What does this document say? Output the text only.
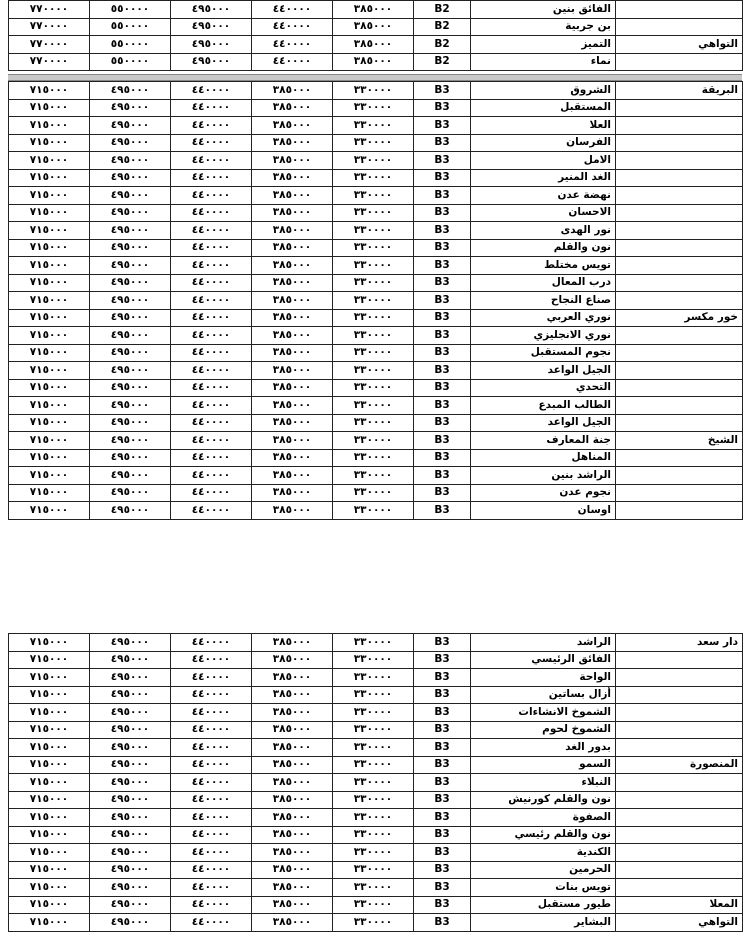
٧٧٠٠٠٠	٥٥٠٠٠٠	٤٩٥٠٠٠	٤٤٠٠٠٠	٣٨٥٠٠٠	B2	الفائق بنين	
٧٧٠٠٠٠	٥٥٠٠٠٠	٤٩٥٠٠٠	٤٤٠٠٠٠	٣٨٥٠٠٠	B2	بن جربية	
٧٧٠٠٠٠	٥٥٠٠٠٠	٤٩٥٠٠٠	٤٤٠٠٠٠	٣٨٥٠٠٠	B2	التميز	التواهي
٧٧٠٠٠٠	٥٥٠٠٠٠	٤٩٥٠٠٠	٤٤٠٠٠٠	٣٨٥٠٠٠	B2	نماء	
٧١٥٠٠٠	٤٩٥٠٠٠	٤٤٠٠٠٠	٣٨٥٠٠٠	٣٣٠٠٠٠	B3	الشروق	البريقة
٧١٥٠٠٠	٤٩٥٠٠٠	٤٤٠٠٠٠	٣٨٥٠٠٠	٣٣٠٠٠٠	B3	المستقبل	
٧١٥٠٠٠	٤٩٥٠٠٠	٤٤٠٠٠٠	٣٨٥٠٠٠	٣٣٠٠٠٠	B3	العلا	
٧١٥٠٠٠	٤٩٥٠٠٠	٤٤٠٠٠٠	٣٨٥٠٠٠	٣٣٠٠٠٠	B3	الفرسان	
٧١٥٠٠٠	٤٩٥٠٠٠	٤٤٠٠٠٠	٣٨٥٠٠٠	٣٣٠٠٠٠	B3	الامل	
٧١٥٠٠٠	٤٩٥٠٠٠	٤٤٠٠٠٠	٣٨٥٠٠٠	٣٣٠٠٠٠	B3	الغد المنير	
٧١٥٠٠٠	٤٩٥٠٠٠	٤٤٠٠٠٠	٣٨٥٠٠٠	٣٣٠٠٠٠	B3	نهضة عدن	
٧١٥٠٠٠	٤٩٥٠٠٠	٤٤٠٠٠٠	٣٨٥٠٠٠	٣٣٠٠٠٠	B3	الاحسان	
٧١٥٠٠٠	٤٩٥٠٠٠	٤٤٠٠٠٠	٣٨٥٠٠٠	٣٣٠٠٠٠	B3	نور الهدى	
٧١٥٠٠٠	٤٩٥٠٠٠	٤٤٠٠٠٠	٣٨٥٠٠٠	٣٣٠٠٠٠	B3	نون والقلم	
٧١٥٠٠٠	٤٩٥٠٠٠	٤٤٠٠٠٠	٣٨٥٠٠٠	٣٣٠٠٠٠	B3	تويس مختلط	
٧١٥٠٠٠	٤٩٥٠٠٠	٤٤٠٠٠٠	٣٨٥٠٠٠	٣٣٠٠٠٠	B3	درب المعال	
٧١٥٠٠٠	٤٩٥٠٠٠	٤٤٠٠٠٠	٣٨٥٠٠٠	٣٣٠٠٠٠	B3	صناع النجاح	
٧١٥٠٠٠	٤٩٥٠٠٠	٤٤٠٠٠٠	٣٨٥٠٠٠	٣٣٠٠٠٠	B3	نوري العربي	خور مكسر
٧١٥٠٠٠	٤٩٥٠٠٠	٤٤٠٠٠٠	٣٨٥٠٠٠	٣٣٠٠٠٠	B3	نوري الانجليزي	
٧١٥٠٠٠	٤٩٥٠٠٠	٤٤٠٠٠٠	٣٨٥٠٠٠	٣٣٠٠٠٠	B3	نجوم المستقبل	
٧١٥٠٠٠	٤٩٥٠٠٠	٤٤٠٠٠٠	٣٨٥٠٠٠	٣٣٠٠٠٠	B3	الجيل الواعد	
٧١٥٠٠٠	٤٩٥٠٠٠	٤٤٠٠٠٠	٣٨٥٠٠٠	٣٣٠٠٠٠	B3	التحدي	
٧١٥٠٠٠	٤٩٥٠٠٠	٤٤٠٠٠٠	٣٨٥٠٠٠	٣٣٠٠٠٠	B3	الطالب المبدع	
٧١٥٠٠٠	٤٩٥٠٠٠	٤٤٠٠٠٠	٣٨٥٠٠٠	٣٣٠٠٠٠	B3	الجيل الواعد	
٧١٥٠٠٠	٤٩٥٠٠٠	٤٤٠٠٠٠	٣٨٥٠٠٠	٣٣٠٠٠٠	B3	جنة المعارف	الشيخ
٧١٥٠٠٠	٤٩٥٠٠٠	٤٤٠٠٠٠	٣٨٥٠٠٠	٣٣٠٠٠٠	B3	المناهل	
٧١٥٠٠٠	٤٩٥٠٠٠	٤٤٠٠٠٠	٣٨٥٠٠٠	٣٣٠٠٠٠	B3	الراشد بنين	
٧١٥٠٠٠	٤٩٥٠٠٠	٤٤٠٠٠٠	٣٨٥٠٠٠	٣٣٠٠٠٠	B3	نجوم عدن	
٧١٥٠٠٠	٤٩٥٠٠٠	٤٤٠٠٠٠	٣٨٥٠٠٠	٣٣٠٠٠٠	B3	اوسان	
٧١٥٠٠٠	٤٩٥٠٠٠	٤٤٠٠٠٠	٣٨٥٠٠٠	٣٣٠٠٠٠	B3	الراشد	دار سعد
٧١٥٠٠٠	٤٩٥٠٠٠	٤٤٠٠٠٠	٣٨٥٠٠٠	٣٣٠٠٠٠	B3	الفائق الرئيسي	
٧١٥٠٠٠	٤٩٥٠٠٠	٤٤٠٠٠٠	٣٨٥٠٠٠	٣٣٠٠٠٠	B3	الواحة	
٧١٥٠٠٠	٤٩٥٠٠٠	٤٤٠٠٠٠	٣٨٥٠٠٠	٣٣٠٠٠٠	B3	أزال بساتين	
٧١٥٠٠٠	٤٩٥٠٠٠	٤٤٠٠٠٠	٣٨٥٠٠٠	٣٣٠٠٠٠	B3	الشموخ الانشاءات	
٧١٥٠٠٠	٤٩٥٠٠٠	٤٤٠٠٠٠	٣٨٥٠٠٠	٣٣٠٠٠٠	B3	الشموخ لحوم	
٧١٥٠٠٠	٤٩٥٠٠٠	٤٤٠٠٠٠	٣٨٥٠٠٠	٣٣٠٠٠٠	B3	بدور الغد	
٧١٥٠٠٠	٤٩٥٠٠٠	٤٤٠٠٠٠	٣٨٥٠٠٠	٣٣٠٠٠٠	B3	السمو	المنصورة
٧١٥٠٠٠	٤٩٥٠٠٠	٤٤٠٠٠٠	٣٨٥٠٠٠	٣٣٠٠٠٠	B3	النبلاء	
٧١٥٠٠٠	٤٩٥٠٠٠	٤٤٠٠٠٠	٣٨٥٠٠٠	٣٣٠٠٠٠	B3	نون والقلم كورنيش	
٧١٥٠٠٠	٤٩٥٠٠٠	٤٤٠٠٠٠	٣٨٥٠٠٠	٣٣٠٠٠٠	B3	الصفوة	
٧١٥٠٠٠	٤٩٥٠٠٠	٤٤٠٠٠٠	٣٨٥٠٠٠	٣٣٠٠٠٠	B3	نون والقلم رئيسي	
٧١٥٠٠٠	٤٩٥٠٠٠	٤٤٠٠٠٠	٣٨٥٠٠٠	٣٣٠٠٠٠	B3	الكندية	
٧١٥٠٠٠	٤٩٥٠٠٠	٤٤٠٠٠٠	٣٨٥٠٠٠	٣٣٠٠٠٠	B3	الحرمين	
٧١٥٠٠٠	٤٩٥٠٠٠	٤٤٠٠٠٠	٣٨٥٠٠٠	٣٣٠٠٠٠	B3	تويس بنات	
٧١٥٠٠٠	٤٩٥٠٠٠	٤٤٠٠٠٠	٣٨٥٠٠٠	٣٣٠٠٠٠	B3	طيور مستقبل	المعلا
٧١٥٠٠٠	٤٩٥٠٠٠	٤٤٠٠٠٠	٣٨٥٠٠٠	٣٣٠٠٠٠	B3	البشاير	التواهي
